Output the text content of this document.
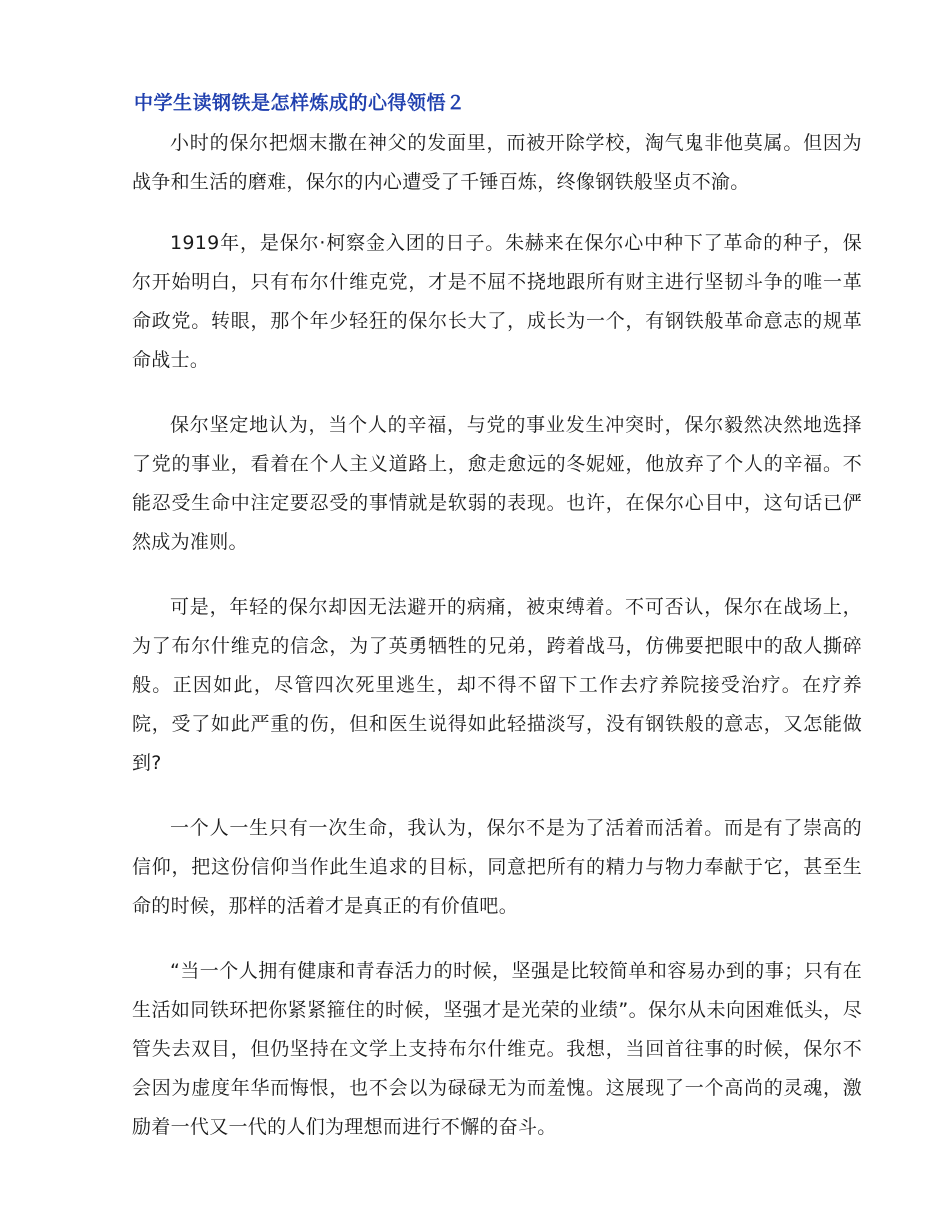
中学生读钢铁是怎样炼成的心得领悟２

小时的保尔把烟末撒在神父的发面里，而被开除学校，淘气鬼非他莫属。但因为战争和生活的磨难，保尔的内心遭受了千锤百炼，终像钢铁般坚贞不渝。

1919年，是保尔·柯察金入团的日子。朱赫来在保尔心中种下了革命的种子，保尔开始明白，只有布尔什维克党，才是不屈不挠地跟所有财主进行坚韧斗争的唯一革命政党。转眼，那个年少轻狂的保尔长大了，成长为一个，有钢铁般革命意志的规革命战士。

保尔坚定地认为，当个人的辛福，与党的事业发生冲突时，保尔毅然决然地选择了党的事业，看着在个人主义道路上，愈走愈远的冬妮娅，他放弃了个人的辛福。不能忍受生命中注定要忍受的事情就是软弱的表现。也许，在保尔心目中，这句话已俨然成为准则。

可是，年轻的保尔却因无法避开的病痛，被束缚着。不可否认，保尔在战场上，为了布尔什维克的信念，为了英勇牺牲的兄弟，跨着战马，仿佛要把眼中的敌人撕碎般。正因如此，尽管四次死里逃生，却不得不留下工作去疗养院接受治疗。在疗养院，受了如此严重的伤，但和医生说得如此轻描淡写，没有钢铁般的意志，又怎能做到?

一个人一生只有一次生命，我认为，保尔不是为了活着而活着。而是有了崇高的信仰，把这份信仰当作此生追求的目标，同意把所有的精力与物力奉献于它，甚至生命的时候，那样的活着才是真正的有价值吧。

“当一个人拥有健康和青春活力的时候，坚强是比较简单和容易办到的事；只有在生活如同铁环把你紧紧箍住的时候，坚强才是光荣的业绩”。保尔从未向困难低头，尽管失去双目，但仍坚持在文学上支持布尔什维克。我想，当回首往事的时候，保尔不会因为虚度年华而悔恨，也不会以为碌碌无为而羞愧。这展现了一个高尚的灵魂，激励着一代又一代的人们为理想而进行不懈的奋斗。
